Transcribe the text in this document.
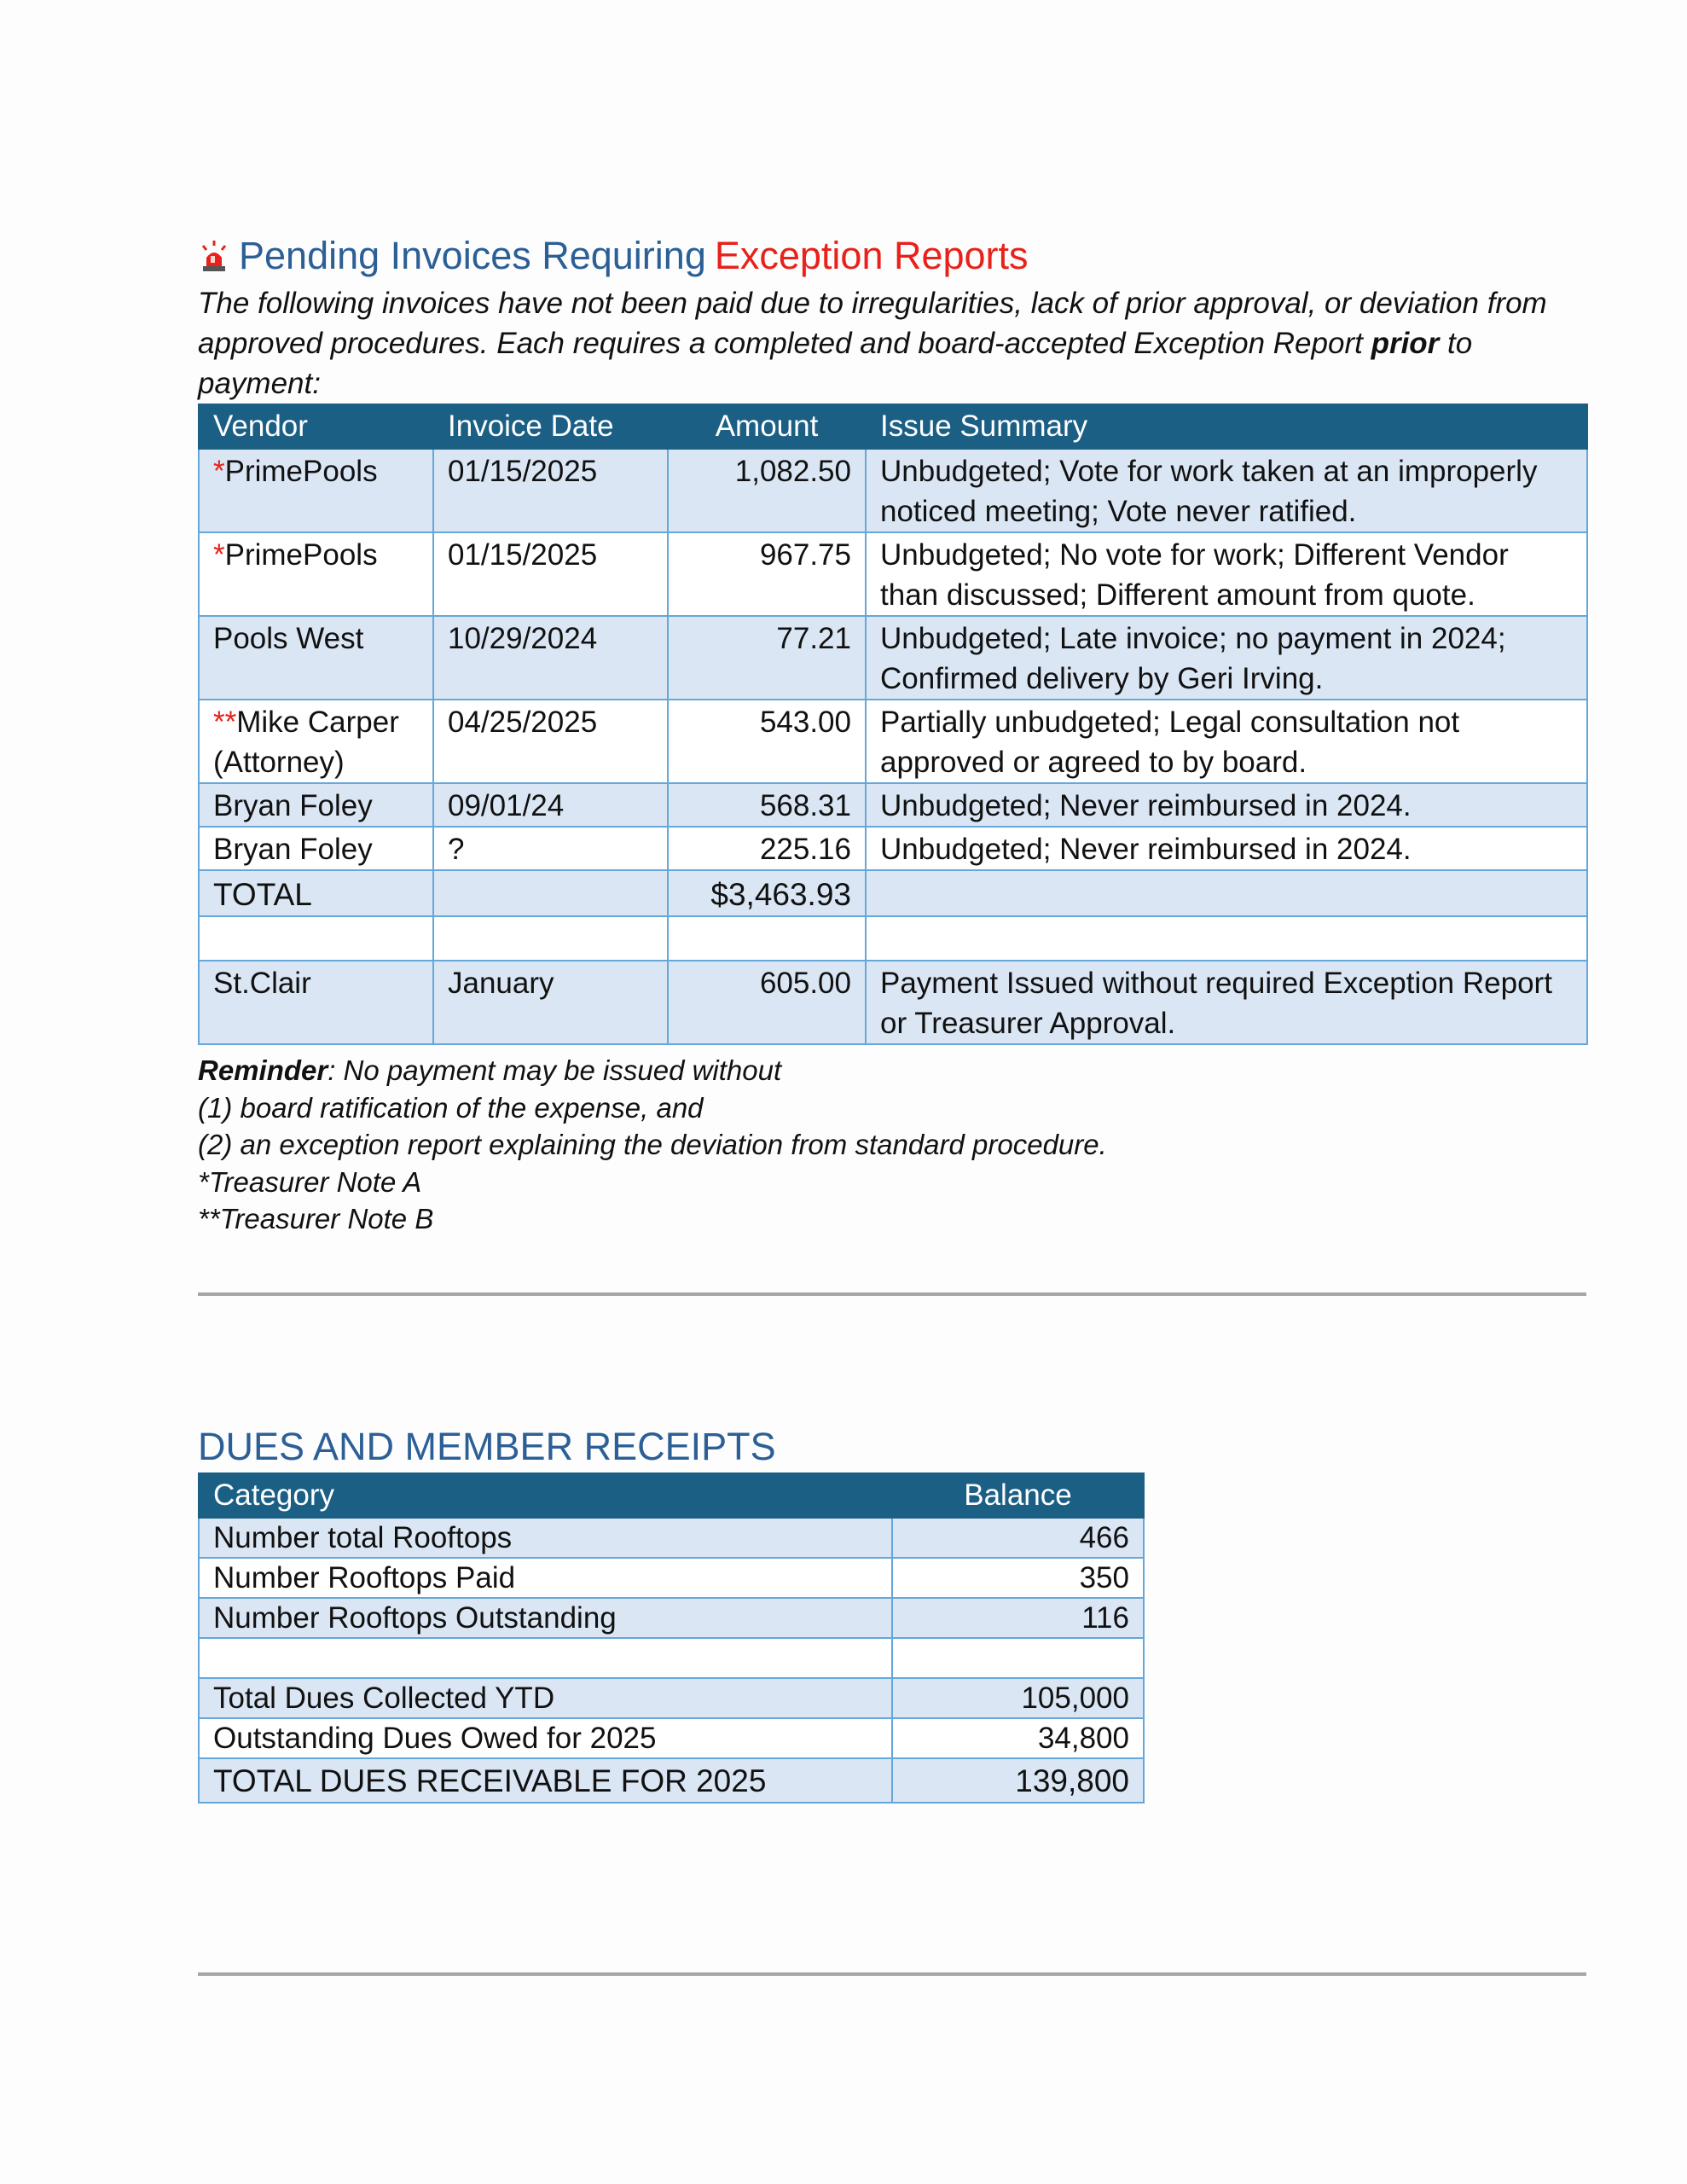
Pending Invoices Requiring Exception Reports
The following invoices have not been paid due to irregularities, lack of prior approval, or deviation from approved procedures. Each requires a completed and board-accepted Exception Report prior to payment:
Vendor	Invoice Date	Amount	Issue Summary
*PrimePools	01/15/2025	1,082.50	Unbudgeted; Vote for work taken at an improperly noticed meeting; Vote never ratified.
*PrimePools	01/15/2025	967.75	Unbudgeted; No vote for work; Different Vendor than discussed; Different amount from quote.
Pools West	10/29/2024	77.21	Unbudgeted; Late invoice; no payment in 2024; Confirmed delivery by Geri Irving.
**Mike Carper (Attorney)	04/25/2025	543.00	Partially unbudgeted; Legal consultation not approved or agreed to by board.
Bryan Foley	09/01/24	568.31	Unbudgeted; Never reimbursed in 2024.
Bryan Foley	?	225.16	Unbudgeted; Never reimbursed in 2024.
TOTAL		$3,463.93	

St.Clair	January	605.00	Payment Issued without required Exception Report or Treasurer Approval.
Reminder: No payment may be issued without
(1) board ratification of the expense, and
(2) an exception report explaining the deviation from standard procedure.
*Treasurer Note A
**Treasurer Note B
DUES AND MEMBER RECEIPTS
Category	Balance
Number total Rooftops	466
Number Rooftops Paid	350
Number Rooftops Outstanding	116

Total Dues Collected YTD	105,000
Outstanding Dues Owed for 2025	34,800
TOTAL DUES RECEIVABLE FOR 2025	139,800
